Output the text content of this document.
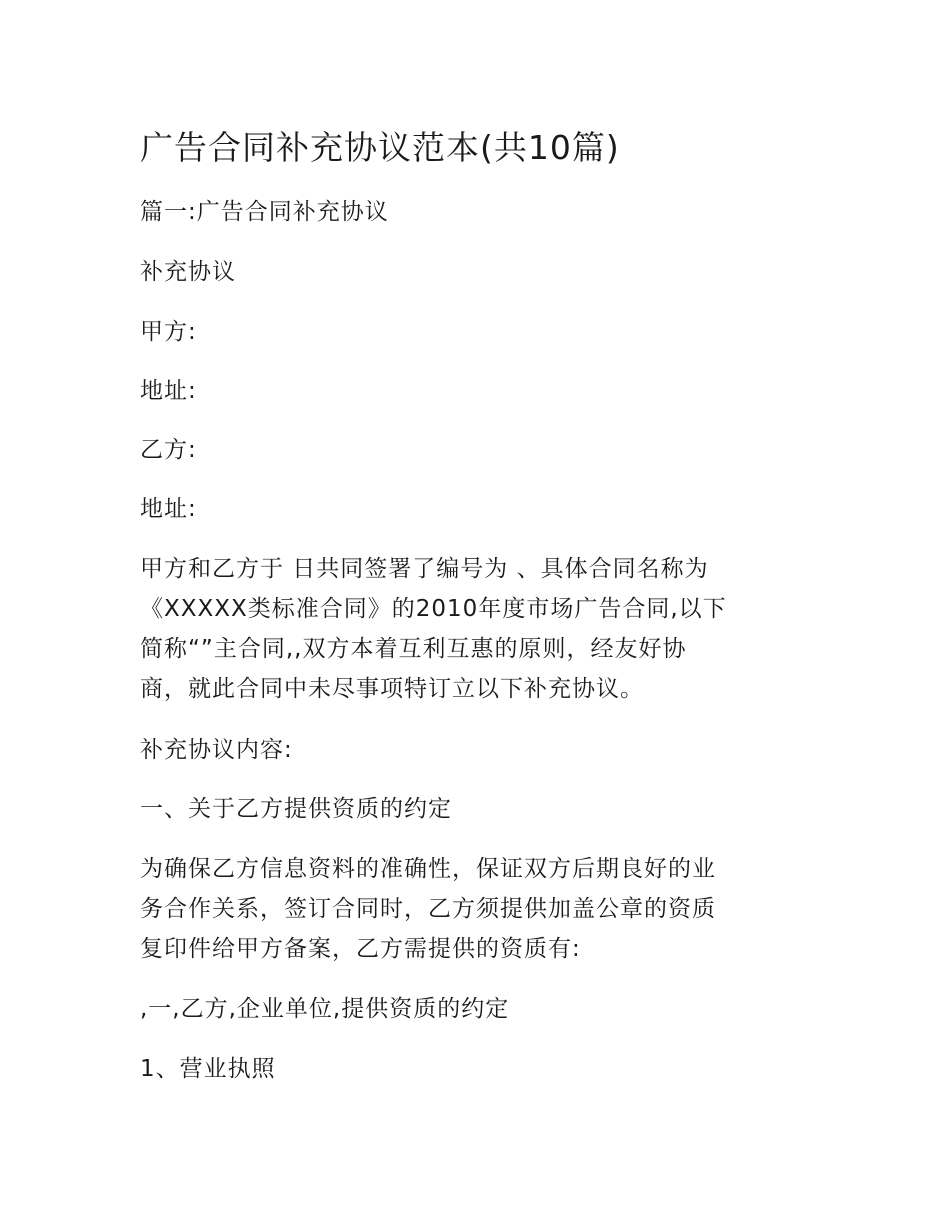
广告合同补充协议范本(共10篇)

篇一:广告合同补充协议

补充协议

甲方:

地址:

乙方:

地址:

甲方和乙方于 日共同签署了编号为 、具体合同名称为
《XXXXX类标准合同》的2010年度市场广告合同,以下
简称“”主合同,,双方本着互利互惠的原则，经友好协
商，就此合同中未尽事项特订立以下补充协议。

补充协议内容:

一、关于乙方提供资质的约定

为确保乙方信息资料的准确性，保证双方后期良好的业
务合作关系，签订合同时，乙方须提供加盖公章的资质
复印件给甲方备案，乙方需提供的资质有:

,一,乙方,企业单位,提供资质的约定

1、营业执照
